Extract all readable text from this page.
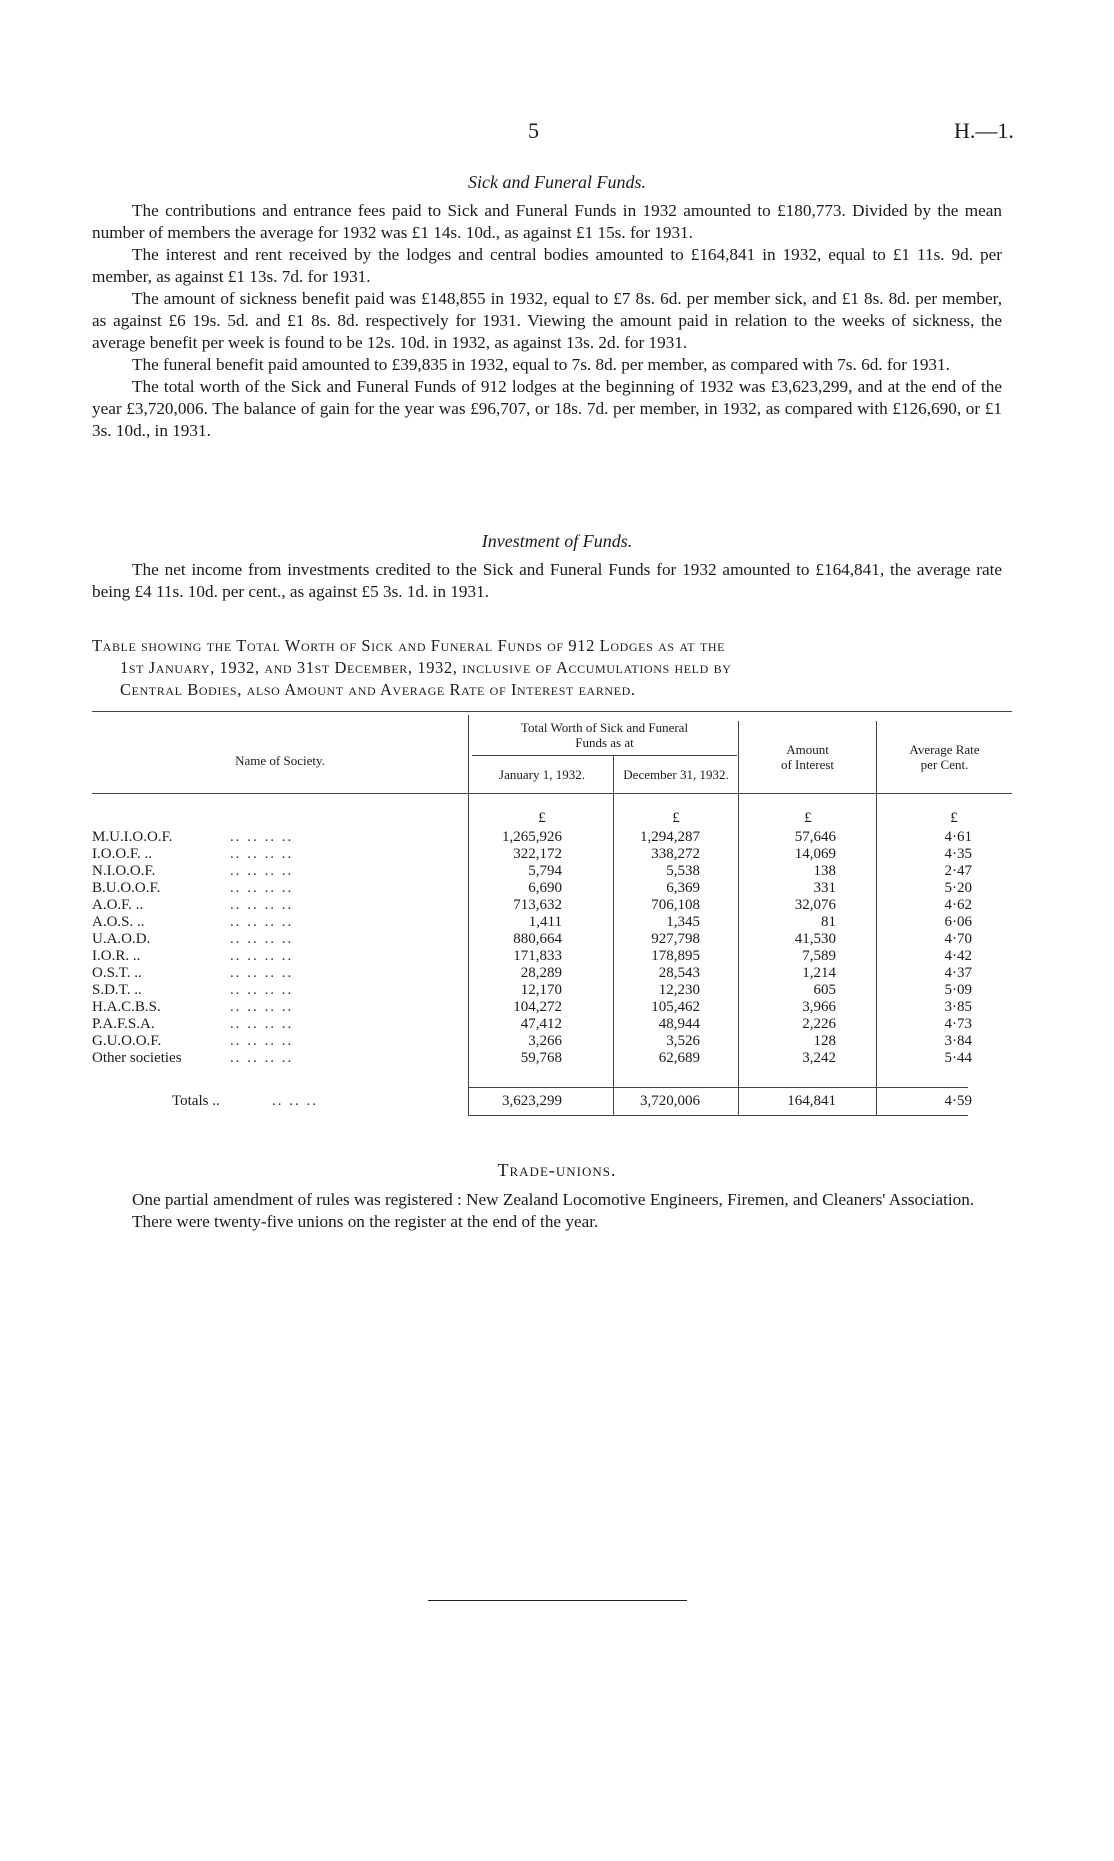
5	H.—1.
Sick and Funeral Funds.

The contributions and entrance fees paid to Sick and Funeral Funds in 1932 amounted to £180,773. Divided by the mean number of members the average for 1932 was £1 14s. 10d., as against £1 15s. for 1931.

The interest and rent received by the lodges and central bodies amounted to £164,841 in 1932, equal to £1 11s. 9d. per member, as against £1 13s. 7d. for 1931.

The amount of sickness benefit paid was £148,855 in 1932, equal to £7 8s. 6d. per member sick, and £1 8s. 8d. per member, as against £6 19s. 5d. and £1 8s. 8d. respectively for 1931. Viewing the amount paid in relation to the weeks of sickness, the average benefit per week is found to be 12s. 10d. in 1932, as against 13s. 2d. for 1931.

The funeral benefit paid amounted to £39,835 in 1932, equal to 7s. 8d. per member, as compared with 7s. 6d. for 1931.

The total worth of the Sick and Funeral Funds of 912 lodges at the beginning of 1932 was £3,623,299, and at the end of the year £3,720,006. The balance of gain for the year was £96,707, or 18s. 7d. per member, in 1932, as compared with £126,690, or £1 3s. 10d., in 1931.

Investment of Funds.

The net income from investments credited to the Sick and Funeral Funds for 1932 amounted to £164,841, the average rate being £4 11s. 10d. per cent., as against £5 3s. 1d. in 1931.

Table showing the Total Worth of Sick and Funeral Funds of 912 Lodges as at the
1st January, 1932, and 31st December, 1932, inclusive of Accumulations held by
Central Bodies, also Amount and Average Rate of Interest earned.
Name of Society.
Total Worth of Sick and Funeral
Funds as at
January 1, 1932.	December 31, 1932.
Amount
of Interest
Average Rate
per Cent.
£	£	£	£
M.U.I.O.O.F.	.. .. .. ..	1,265,926	1,294,287	57,646	4·61
I.O.O.F. ..	.. .. .. ..	322,172	338,272	14,069	4·35
N.I.O.O.F.	.. .. .. ..	5,794	5,538	138	2·47
B.U.O.O.F.	.. .. .. ..	6,690	6,369	331	5·20
A.O.F. ..	.. .. .. ..	713,632	706,108	32,076	4·62
A.O.S. ..	.. .. .. ..	1,411	1,345	81	6·06
U.A.O.D.	.. .. .. ..	880,664	927,798	41,530	4·70
I.O.R. ..	.. .. .. ..	171,833	178,895	7,589	4·42
O.S.T. ..	.. .. .. ..	28,289	28,543	1,214	4·37
S.D.T. ..	.. .. .. ..	12,170	12,230	605	5·09
H.A.C.B.S.	.. .. .. ..	104,272	105,462	3,966	3·85
P.A.F.S.A.	.. .. .. ..	47,412	48,944	2,226	4·73
G.U.O.O.F.	.. .. .. ..	3,266	3,526	128	3·84
Other societies	.. .. .. ..	59,768	62,689	3,242	5·44
Totals ..	.. .. ..	3,623,299	3,720,006	164,841	4·59
Trade-unions.

One partial amendment of rules was registered : New Zealand Locomotive Engineers, Firemen, and Cleaners' Association.

There were twenty-five unions on the register at the end of the year.
